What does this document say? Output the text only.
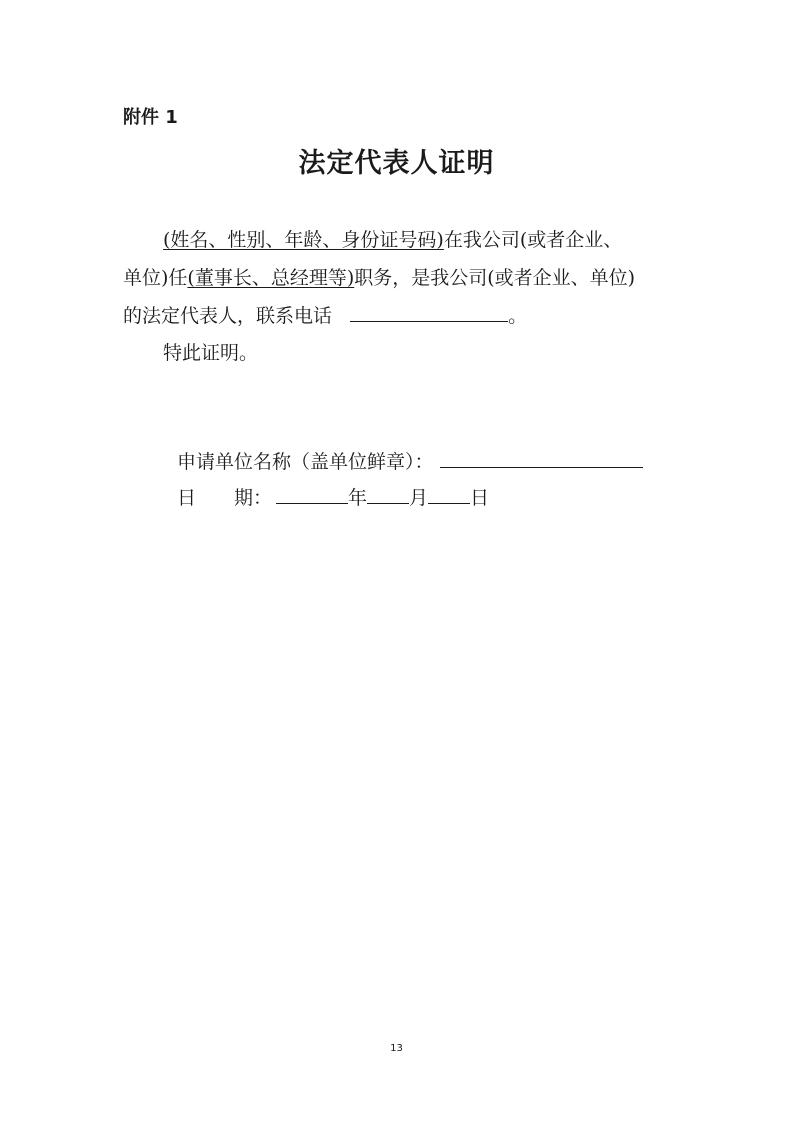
附件 1
法定代表人证明
(姓名、性别、年龄、身份证号码)在我公司(或者企业、
单位)任(董事长、总经理等)职务，是我公司(或者企业、单位)
的法定代表人，联系电话	。
特此证明。
申请单位名称（盖单位鲜章）：
日　　期：	年 月 日
13
